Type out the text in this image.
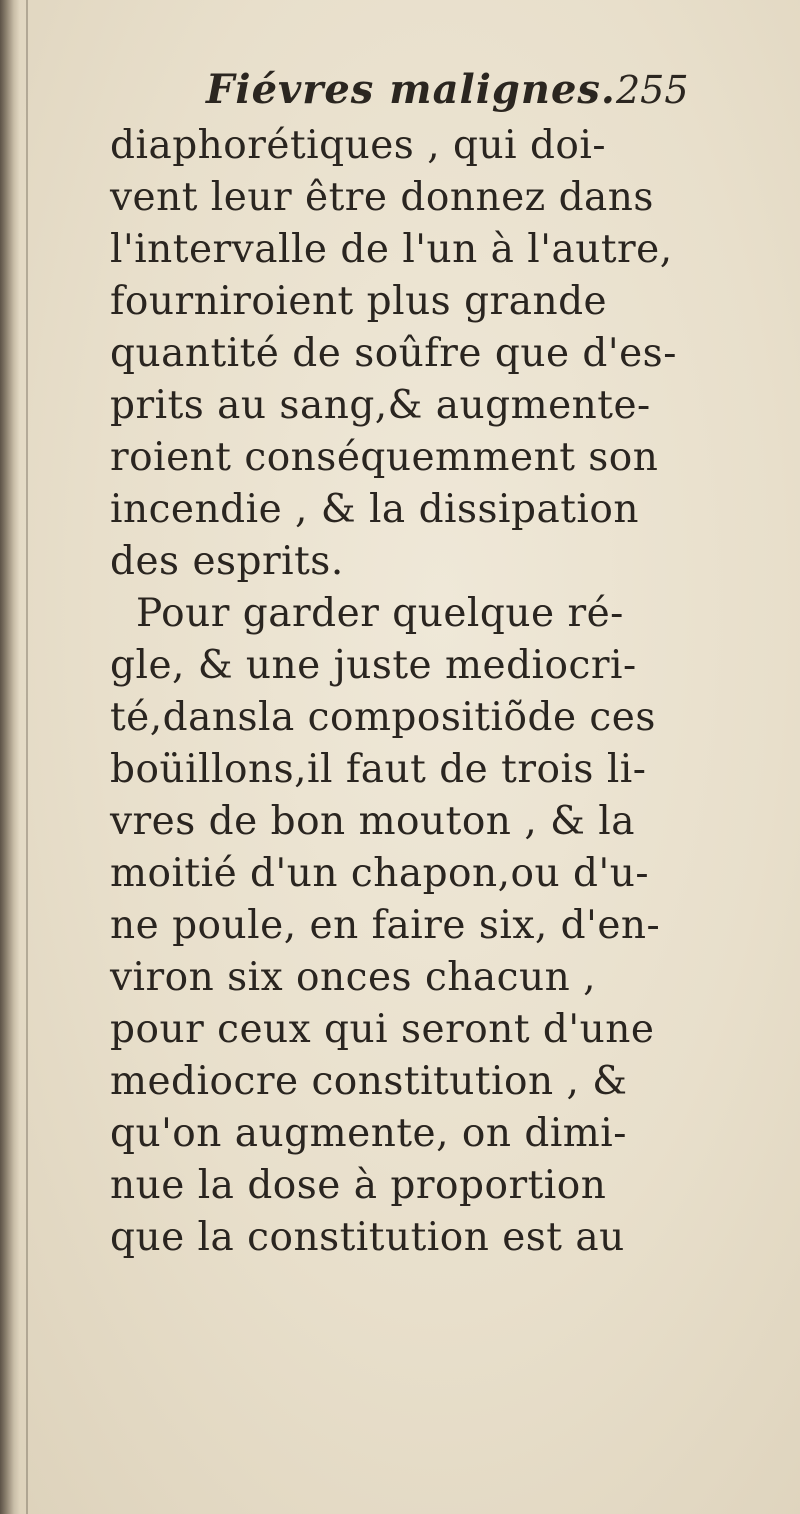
Fiévres malignes. 255
diaphorétiques , qui doi-
vent leur être donnez dans
l'intervalle de l'un à l'autre,
fourniroient plus grande
quantité de soûfre que d'es-
prits au sang,& augmente-
roient conséquemment son
incendie , & la dissipation
des esprits.
Pour garder quelque ré-
gle, & une juste mediocri-
té,dansla compositiõde ces
boüillons,il faut de trois li-
vres de bon mouton , & la
moitié d'un chapon,ou d'u-
ne poule, en faire six, d'en-
viron six onces chacun ,
pour ceux qui seront d'une
mediocre constitution , &
qu'on augmente, on dimi-
nue la dose à proportion
que la constitution est au
